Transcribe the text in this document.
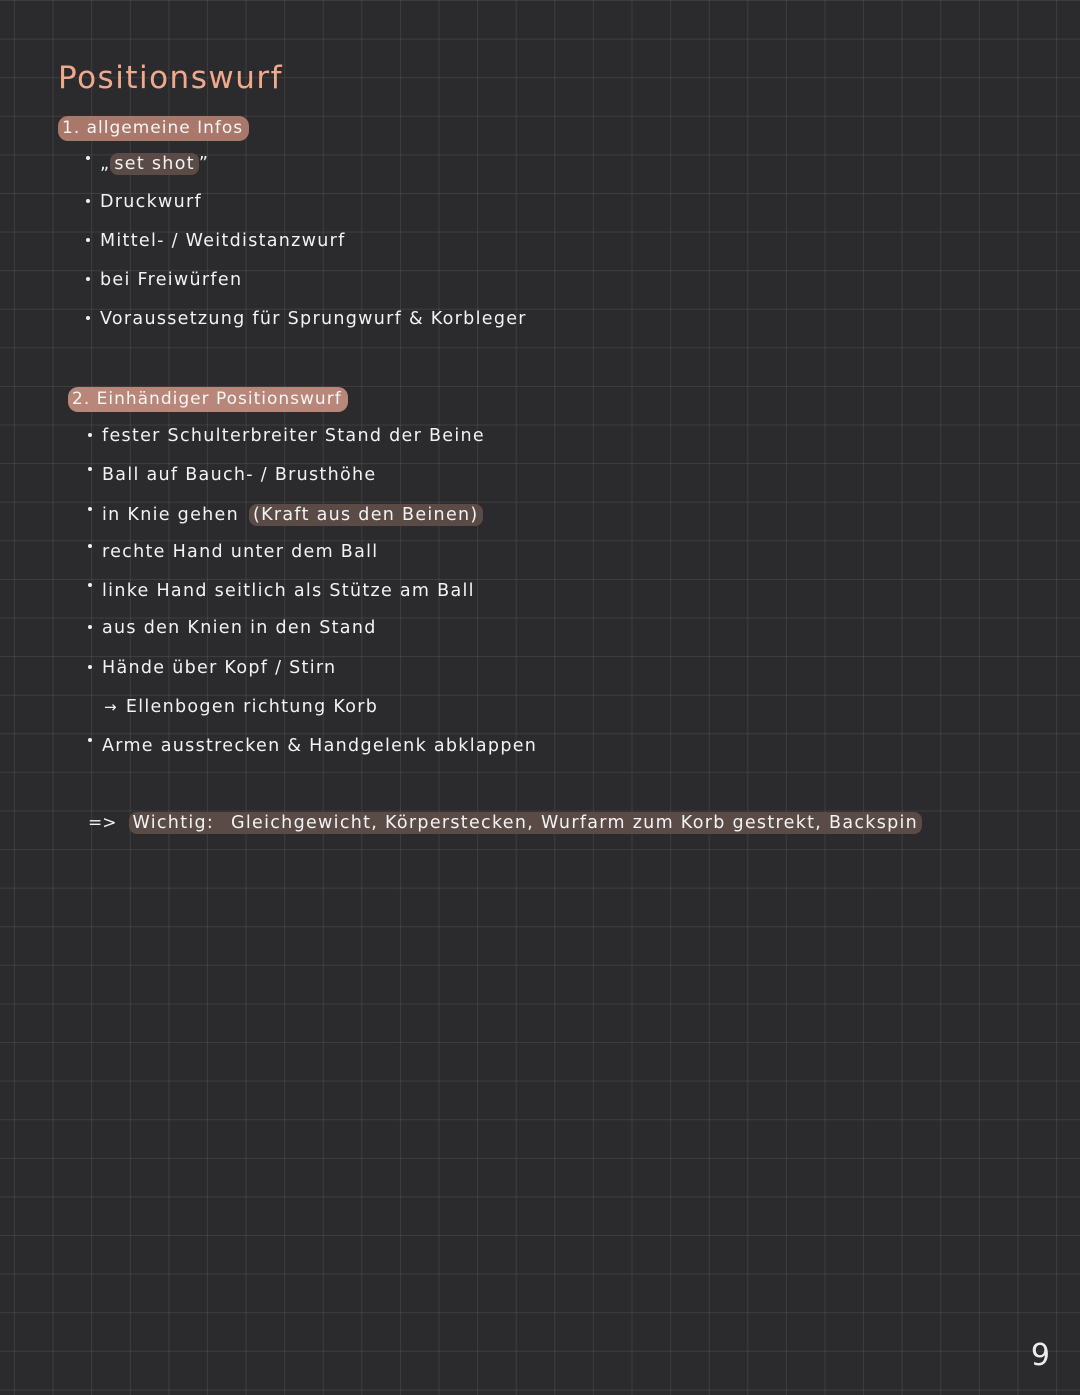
Positionswurf
1. allgemeine Infos
„ set shot ”
Druckwurf
Mittel- / Weitdistanzwurf
bei Freiwürfen
Voraussetzung für Sprungwurf & Korbleger
2. Einhändiger Positionswurf
fester Schulterbreiter Stand der Beine
Ball auf Bauch- / Brusthöhe
in Knie gehen (Kraft aus den Beinen)
rechte Hand unter dem Ball
linke Hand seitlich als Stütze am Ball
aus den Knien in den Stand
Hände über Kopf / Stirn
→ Ellenbogen richtung Korb
Arme ausstrecken & Handgelenk abklappen
=> Wichtig: Gleichgewicht, Körperstecken, Wurfarm zum Korb gestrekt, Backspin
9
